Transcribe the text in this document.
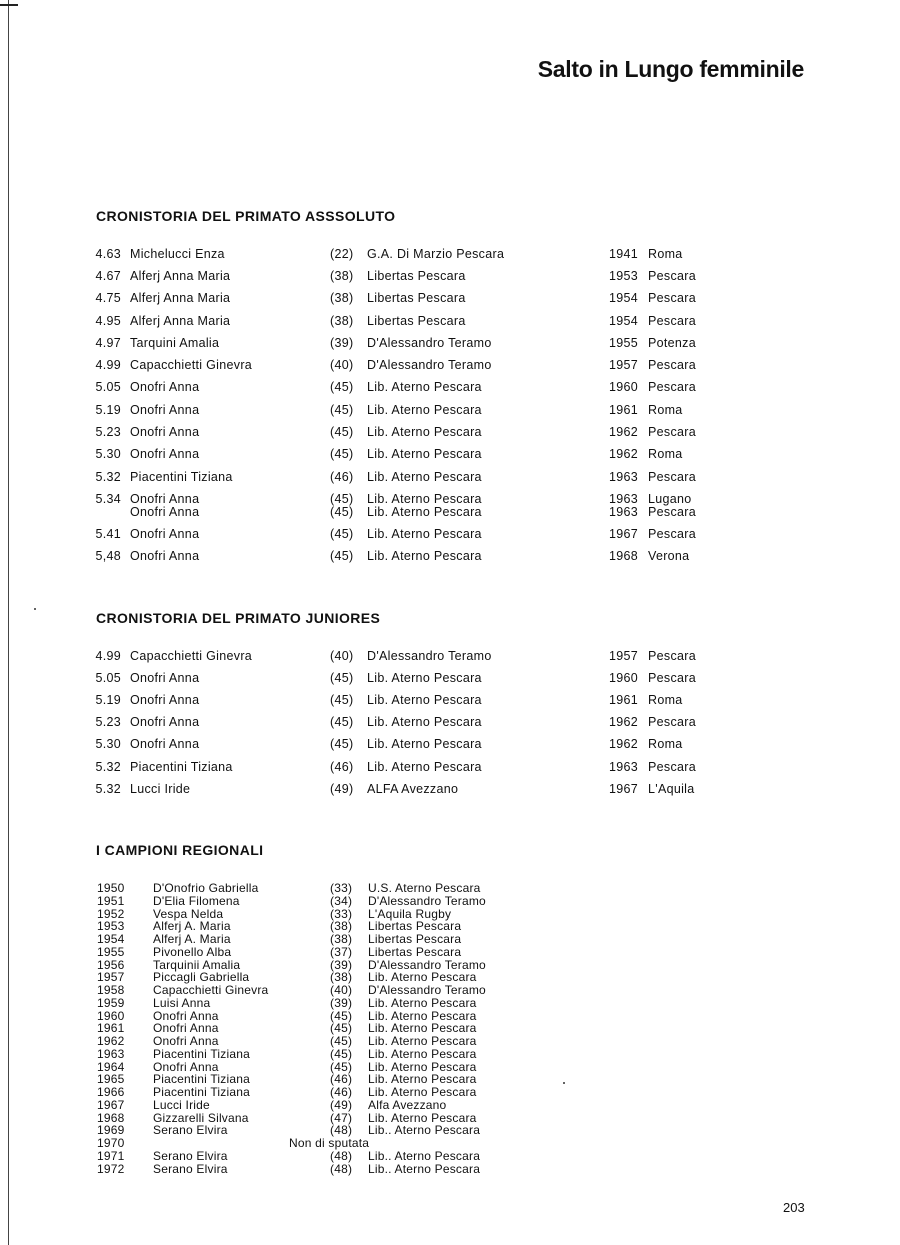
Salto in Lungo femminile
CRONISTORIA DEL PRIMATO ASSSOLUTO
4.63 Michelucci Enza	(22) G.A. Di Marzio Pescara	1941 Roma
4.67 Alferj Anna Maria	(38) Libertas Pescara	1953 Pescara
4.75 Alferj Anna Maria	(38) Libertas Pescara	1954 Pescara
4.95 Alferj Anna Maria	(38) Libertas Pescara	1954 Pescara
4.97 Tarquini Amalia	(39) D'Alessandro Teramo	1955 Potenza
4.99 Capacchietti Ginevra	(40) D'Alessandro Teramo	1957 Pescara
5.05 Onofri Anna	(45) Lib. Aterno Pescara	1960 Pescara
5.19 Onofri Anna	(45) Lib. Aterno Pescara	1961 Roma
5.23 Onofri Anna	(45) Lib. Aterno Pescara	1962 Pescara
5.30 Onofri Anna	(45) Lib. Aterno Pescara	1962 Roma
5.32 Piacentini Tiziana	(46) Lib. Aterno Pescara	1963 Pescara
5.34 Onofri Anna	(45) Lib. Aterno Pescara	1963 Lugano
Onofri Anna	(45) Lib. Aterno Pescara	1963 Pescara
5.41 Onofri Anna	(45) Lib. Aterno Pescara	1967 Pescara
5,48 Onofri Anna	(45) Lib. Aterno Pescara	1968 Verona
CRONISTORIA DEL PRIMATO JUNIORES
4.99 Capacchietti Ginevra	(40) D'Alessandro Teramo	1957 Pescara
5.05 Onofri Anna	(45) Lib. Aterno Pescara	1960 Pescara
5.19 Onofri Anna	(45) Lib. Aterno Pescara	1961 Roma
5.23 Onofri Anna	(45) Lib. Aterno Pescara	1962 Pescara
5.30 Onofri Anna	(45) Lib. Aterno Pescara	1962 Roma
5.32 Piacentini Tiziana	(46) Lib. Aterno Pescara	1963 Pescara
5.32 Lucci Iride	(49) ALFA Avezzano	1967 L'Aquila
I CAMPIONI REGIONALI
1950 D'Onofrio Gabriella	(33) U.S. Aterno Pescara
1951 D'Elia Filomena	(34) D'Alessandro Teramo
1952 Vespa Nelda	(33) L'Aquila Rugby
1953 Alferj A. Maria	(38) Libertas Pescara
1954 Alferj A. Maria	(38) Libertas Pescara
1955 Pivonello Alba	(37) Libertas Pescara
1956 Tarquinii Amalia	(39) D'Alessandro Teramo
1957 Piccagli Gabriella	(38) Lib. Aterno Pescara
1958 Capacchietti Ginevra	(40) D'Alessandro Teramo
1959 Luisi Anna	(39) Lib. Aterno Pescara
1960 Onofri Anna	(45) Lib. Aterno Pescara
1961 Onofri Anna	(45) Lib. Aterno Pescara
1962 Onofri Anna	(45) Lib. Aterno Pescara
1963 Piacentini Tiziana	(45) Lib. Aterno Pescara
1964 Onofri Anna	(45) Lib. Aterno Pescara
1965 Piacentini Tiziana	(46) Lib. Aterno Pescara
1966 Piacentini Tiziana	(46) Lib. Aterno Pescara
1967 Lucci Iride	(49) Alfa Avezzano
1968 Gizzarelli Silvana	(47) Lib. Aterno Pescara
1969 Serano Elvira	(48) Lib.. Aterno Pescara
1970	Non di sputata
1971 Serano Elvira	(48) Lib.. Aterno Pescara
1972 Serano Elvira	(48) Lib.. Aterno Pescara
203
